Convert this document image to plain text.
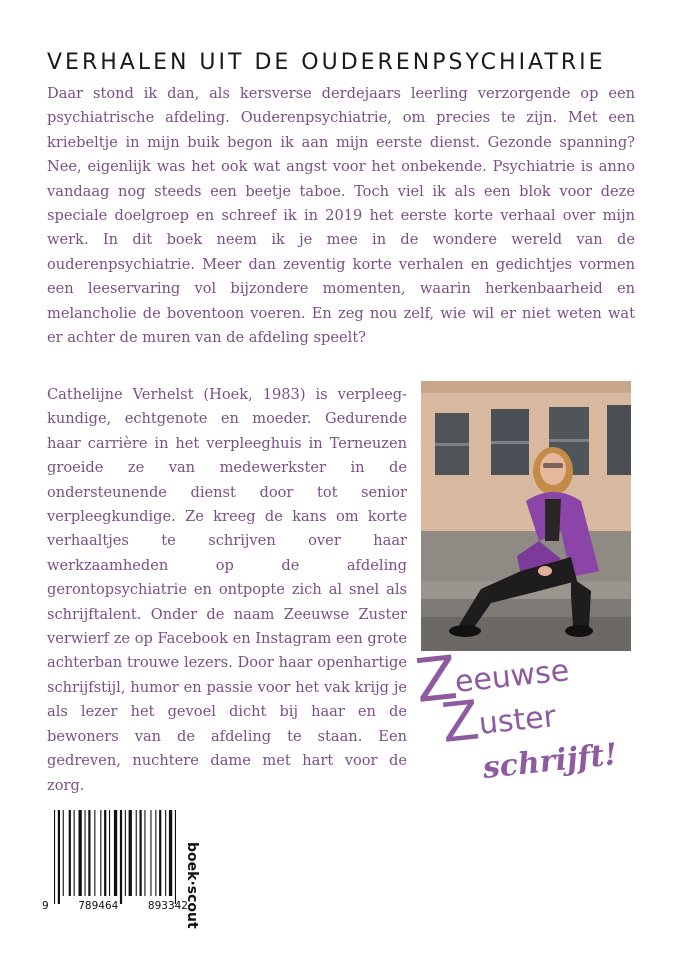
VERHALEN UIT DE OUDERENPSYCHIATRIE

Daar stond ik dan, als kersverse derdejaars leerling verzorgende op een psychiatrische afdeling. Ouderenpsychiatrie, om precies te zijn. Met een kriebeltje in mijn buik begon ik aan mijn eerste dienst. Gezonde spanning? Nee, eigenlijk was het ook wat angst voor het onbekende. Psychiatrie is anno vandaag nog steeds een beetje taboe. Toch viel ik als een blok voor deze speciale doelgroep en schreef ik in 2019 het eerste korte verhaal over mijn werk. In dit boek neem ik je mee in de wondere wereld van de ouderenpsychiatrie. Meer dan zeventig korte verhalen en gedichtjes vormen een leeservaring vol bijzondere momenten, waarin herkenbaarheid en melancholie de boventoon voeren. En zeg nou zelf, wie wil er niet weten wat er achter de muren van de afdeling speelt?

Cathelijne Verhelst (Hoek, 1983) is verpleeg-kundige, echtgenote en moeder. Gedurende haar carrière in het verpleeghuis in Terneuzen groeide ze van medewerkster in de ondersteunende dienst door tot senior verpleegkundige. Ze kreeg de kans om korte verhaaltjes te schrijven over haar werkzaamheden op de afdeling gerontopsychiatrie en ontpopte zich al snel als schrijftalent. Onder de naam Zeeuwse Zuster verwierf ze op Facebook en Instagram een grote achterban trouwe lezers. Door haar openhartige schrijfstijl, humor en passie voor het vak krijg je als lezer het gevoel dicht bij haar en de bewoners van de afdeling te staan. Een gedreven, nuchtere dame met hart voor de zorg.

Z
eeuwse
Z
uster
schrijft!
9	789464	893342
boek·scout
